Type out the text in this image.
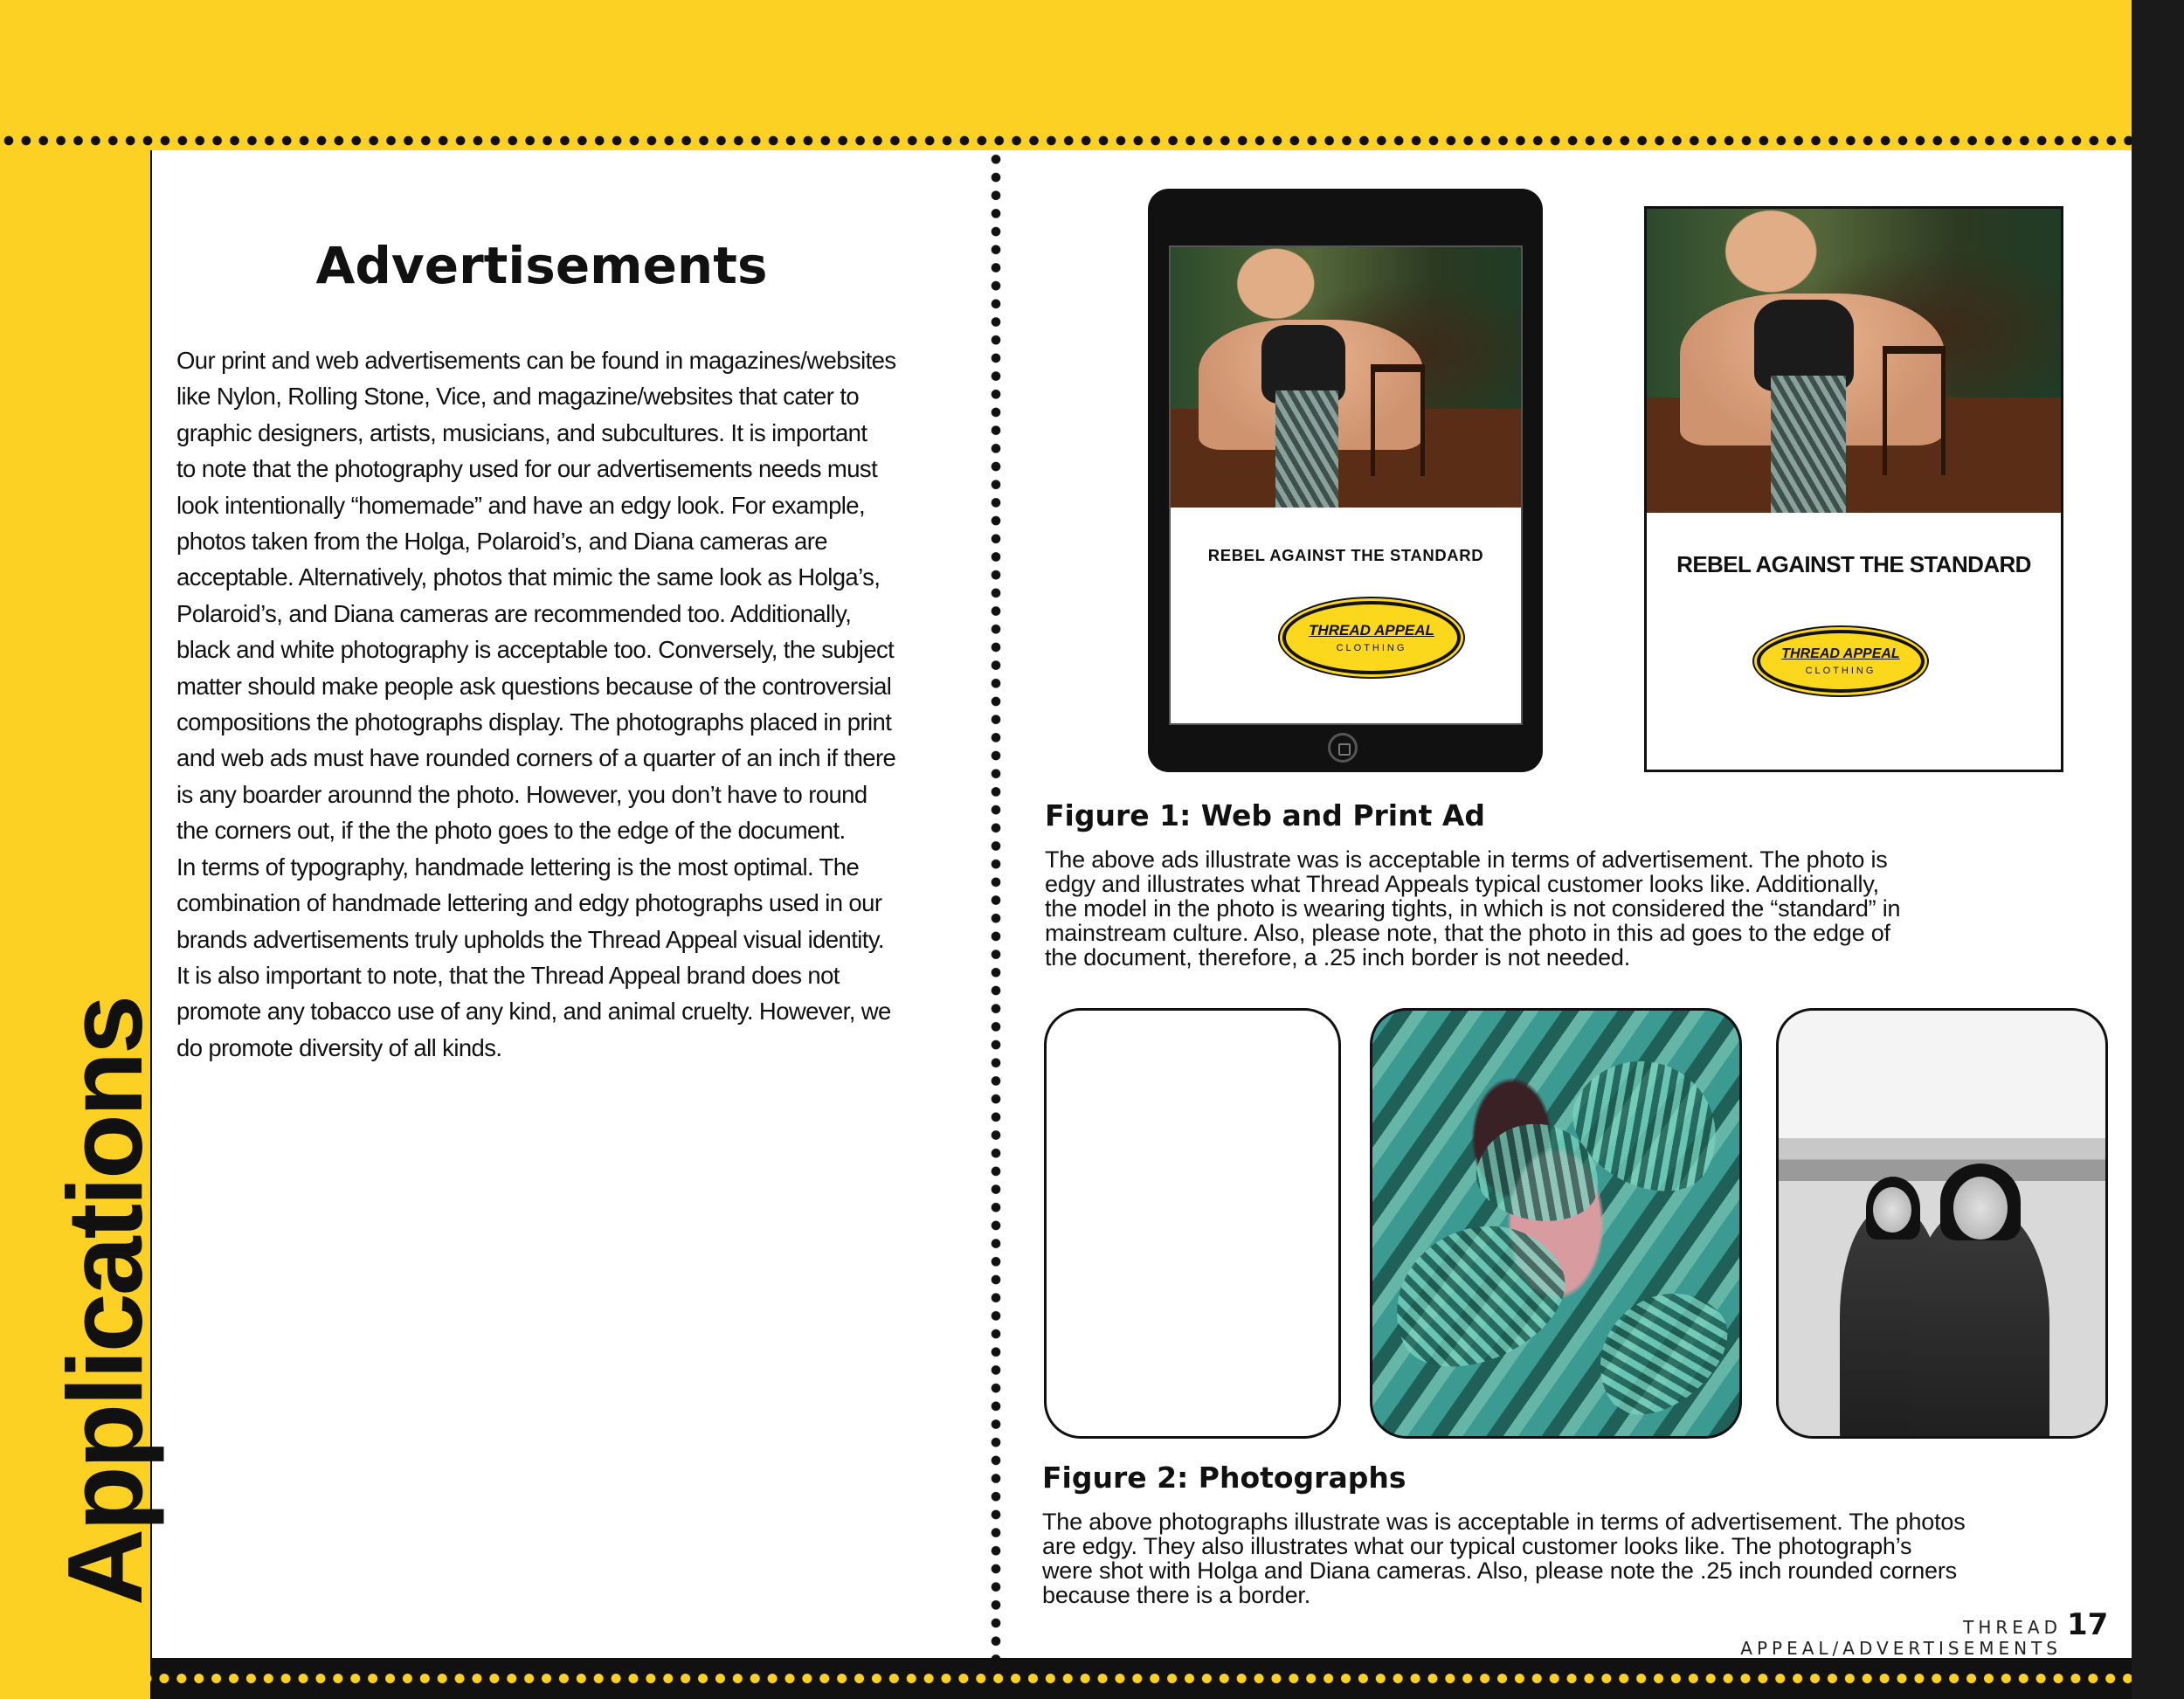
Applications
Advertisements
Our print and web advertisements can be found in magazines/websites
like Nylon, Rolling Stone, Vice, and magazine/websites that cater to
graphic designers, artists, musicians, and subcultures. It is important
to note that the photography used for our advertisements needs must
look intentionally “homemade” and have an edgy look. For example,
photos taken from the Holga, Polaroid’s, and Diana cameras are
acceptable. Alternatively, photos that mimic the same look as Holga’s,
Polaroid’s, and Diana cameras are recommended too. Additionally,
black and white photography is acceptable too. Conversely, the subject
matter should make people ask questions because of the controversial
compositions the photographs display. The photographs placed in print
and web ads must have rounded corners of a quarter of an inch if there
is any boarder arounnd the photo. However, you don’t have to round
the corners out, if the the photo goes to the edge of the document.
In terms of typography, handmade lettering is the most optimal. The
combination of handmade lettering and edgy photographs used in our
brands advertisements truly upholds the Thread Appeal visual identity.
It is also important to note, that the Thread Appeal brand does not
promote any tobacco use of any kind, and animal cruelty. However, we
do promote diversity of all kinds.
REBEL AGAINST THE STANDARD
THREAD APPEAL
CLOTHING
REBEL AGAINST THE STANDARD
THREAD APPEAL
CLOTHING
Figure 1: Web and Print Ad
The above ads illustrate was is acceptable in terms of advertisement. The photo is
edgy and illustrates what Thread Appeals typical customer looks like. Additionally,
the model in the photo is wearing tights, in which is not considered the “standard” in
mainstream culture. Also, please note, that the photo in this ad goes to the edge of
the document, therefore, a .25 inch border is not needed.
Figure 2: Photographs
The above photographs illustrate was is acceptable in terms of advertisement. The photos
are edgy. They also illustrates what our typical customer looks like. The photograph’s
were shot with Holga and Diana cameras. Also, please note the .25 inch rounded corners
because there is a border.
THREAD APPEAL/ADVERTISEMENTS
17
